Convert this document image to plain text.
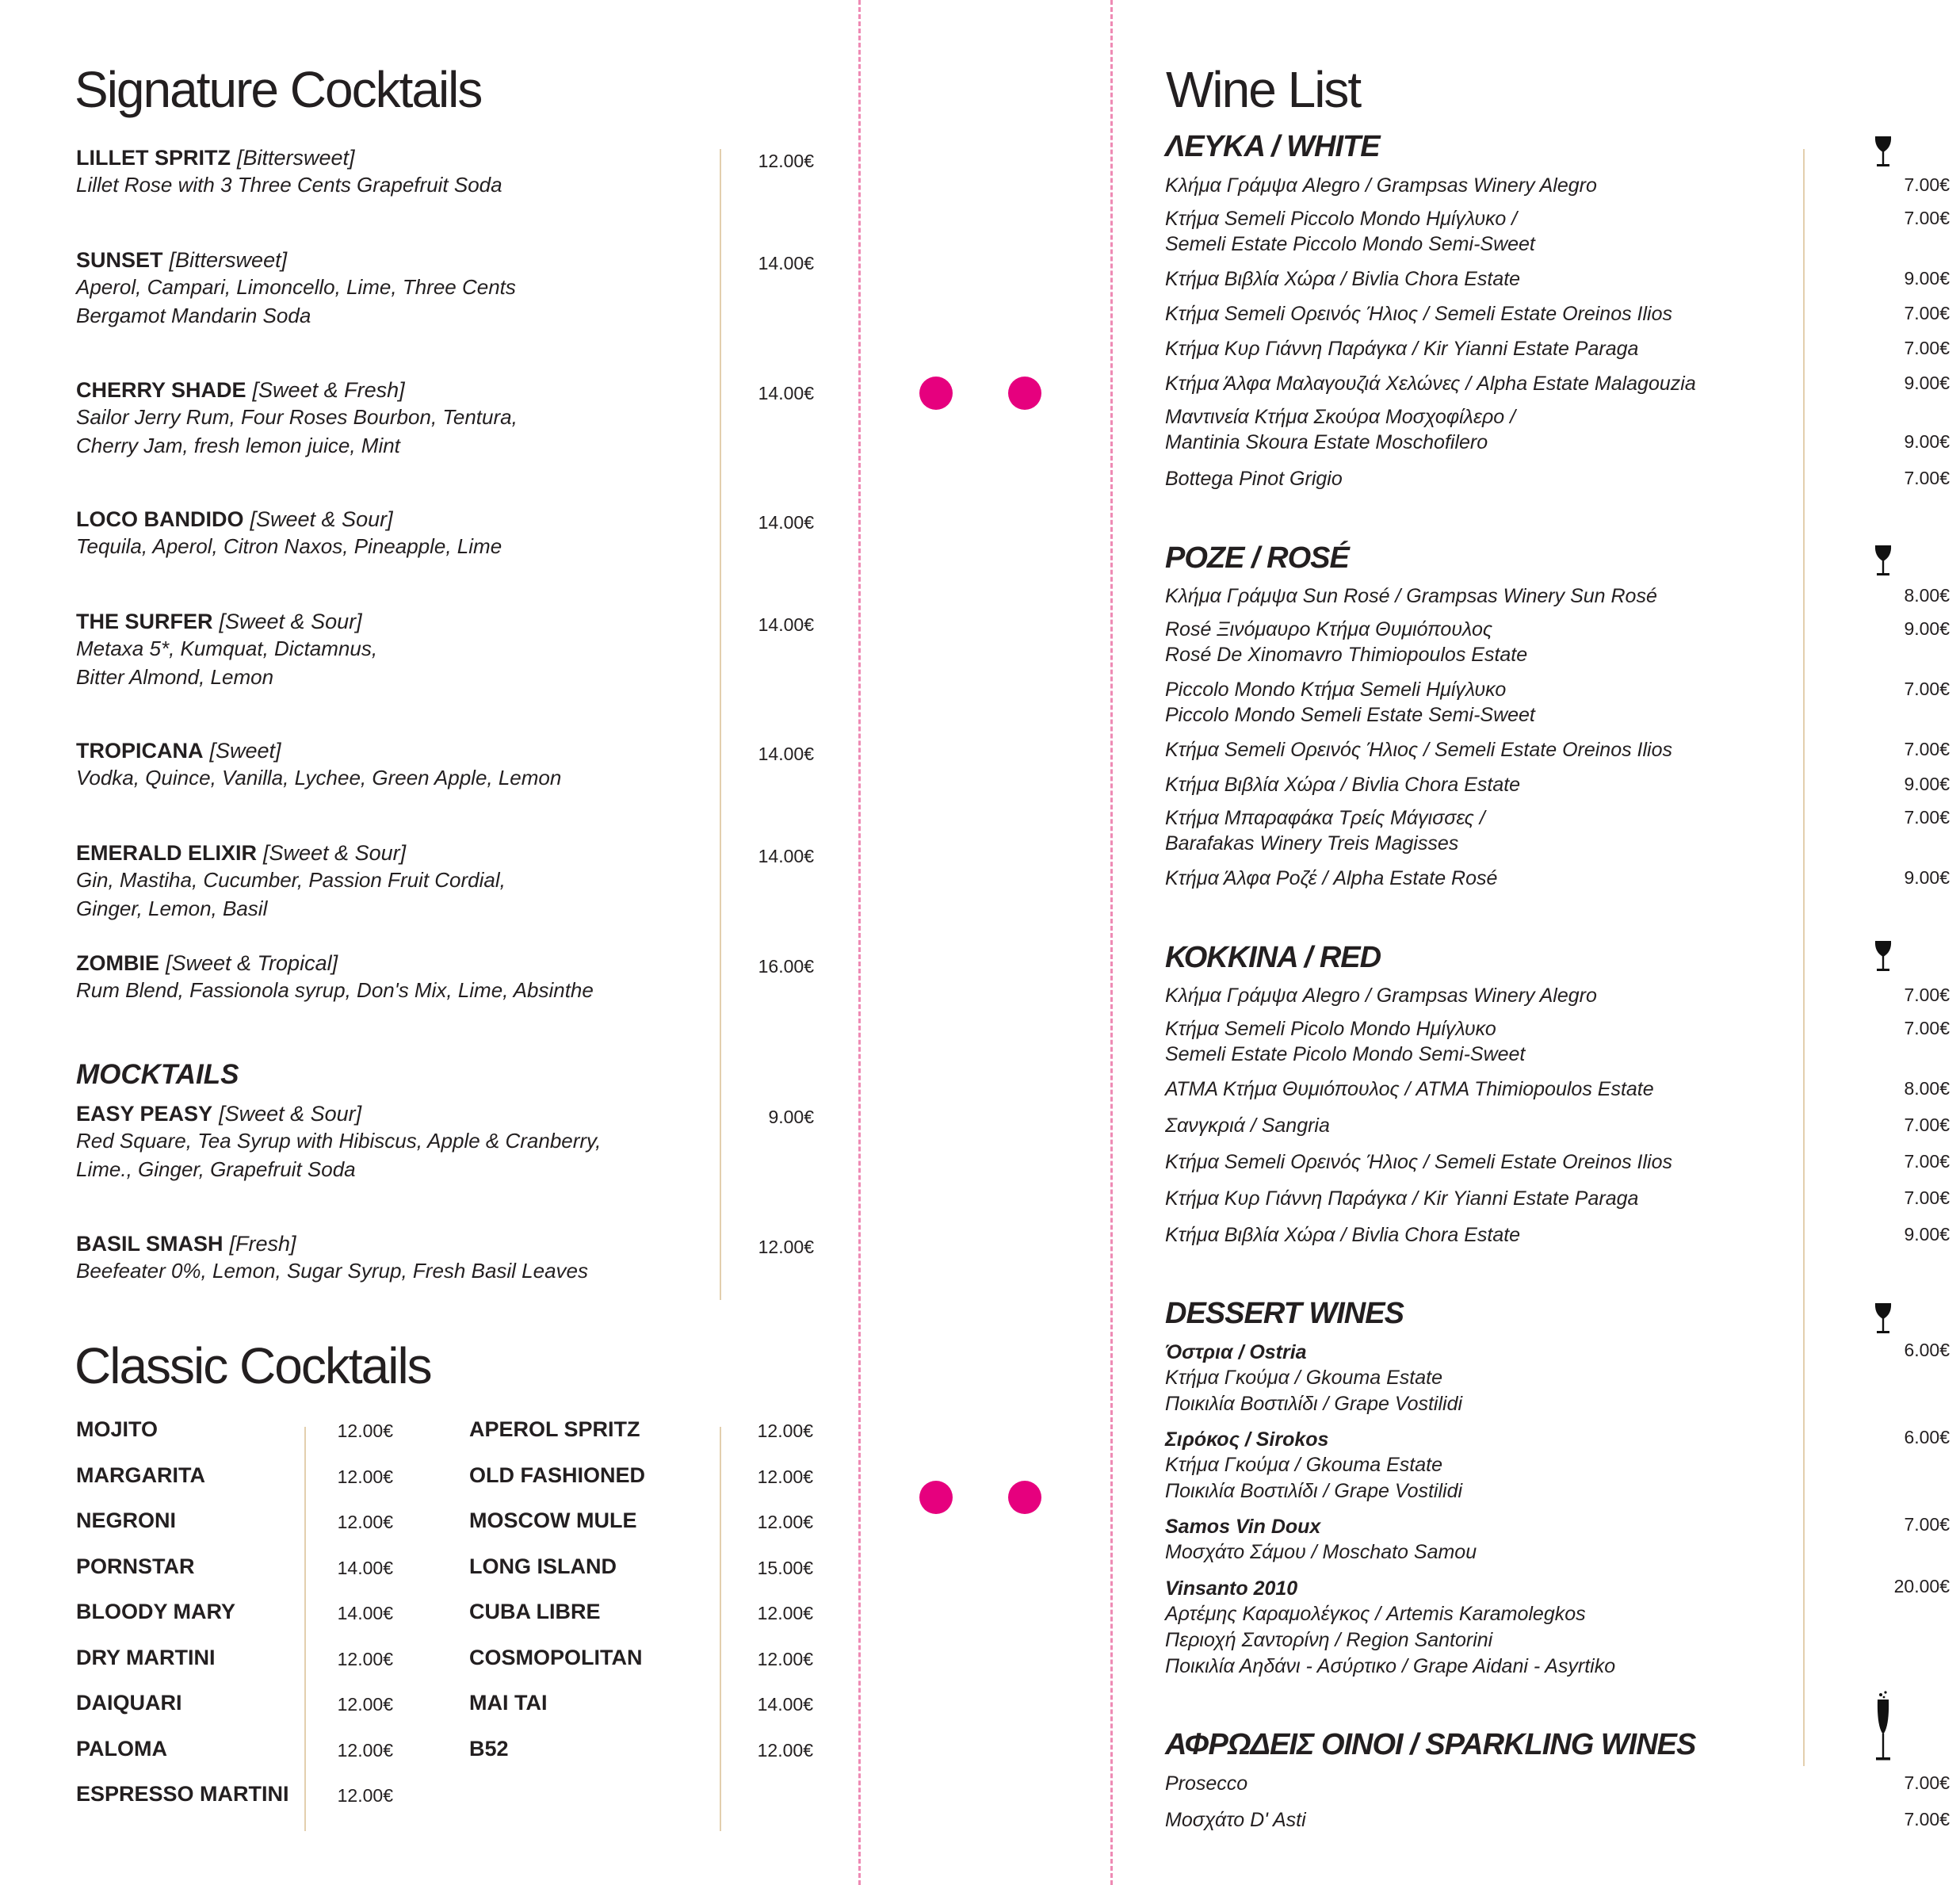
Signature Cocktails
LILLET SPRITZ [Bittersweet]

Lillet Rose with 3 Three Cents Grapefruit Soda

12.00€
SUNSET [Bittersweet]

Aperol, Campari, Limoncello, Lime, Three Cents

Bergamot Mandarin Soda

14.00€
CHERRY SHADE [Sweet & Fresh]

Sailor Jerry Rum, Four Roses Bourbon, Tentura,

Cherry Jam, fresh lemon juice, Mint

14.00€
LOCO BANDIDO [Sweet & Sour]

Tequila, Aperol, Citron Naxos, Pineapple, Lime

14.00€
THE SURFER [Sweet & Sour]

Metaxa 5*, Kumquat, Dictamnus,

Bitter Almond, Lemon

14.00€
TROPICANA [Sweet]

Vodka, Quince, Vanilla, Lychee, Green Apple, Lemon

14.00€
EMERALD ELIXIR [Sweet & Sour]

Gin, Mastiha, Cucumber, Passion Fruit Cordial,

Ginger, Lemon, Basil

14.00€
ZOMBIE [Sweet & Tropical]

Rum Blend, Fassionola syrup, Don's Mix, Lime, Absinthe

16.00€
MOCKTAILS
EASY PEASY [Sweet & Sour]

Red Square, Tea Syrup with Hibiscus, Apple & Cranberry,

Lime., Ginger, Grapefruit Soda

9.00€
BASIL SMASH [Fresh]

Beefeater 0%, Lemon, Sugar Syrup, Fresh Basil Leaves

12.00€
Classic Cocktails
MOJITO	12.00€
MARGARITA	12.00€
NEGRONI	12.00€
PORNSTAR	14.00€
BLOODY MARY	14.00€
DRY MARTINI	12.00€
DAIQUARI	12.00€
PALOMA	12.00€
ESPRESSO MARTINI	12.00€
APEROL SPRITZ	12.00€
OLD FASHIONED	12.00€
MOSCOW MULE	12.00€
LONG ISLAND	15.00€
CUBA LIBRE	12.00€
COSMOPOLITAN	12.00€
MAI TAI	14.00€
B52	12.00€
Wine List
ΛΕΥΚΑ / WHITE
Κλήμα Γράμψα Alegro / Grampsas Winery Alegro	7.00€
Κτήμα Semeli Piccolo Mondo Ημίγλυκο /
Semeli Estate Piccolo Mondo Semi-Sweet
7.00€
Κτήμα Βιβλία Χώρα / Bivlia Chora Estate	9.00€
Κτήμα Semeli Ορεινός Ήλιος / Semeli Estate Oreinos Ilios	7.00€
Κτήμα Κυρ Γιάννη Παράγκα / Kir Yianni Estate Paraga	7.00€
Κτήμα Άλφα Μαλαγουζιά Χελώνες / Alpha Estate Malagouzia	9.00€
Μαντινεία Κτήμα Σκούρα Μοσχοφίλερο /
Mantinia Skoura Estate Moschofilero	9.00€
Bottega Pinot Grigio	7.00€
ΡΟΖΕ / ROSÉ
Κλήμα Γράμψα Sun Rosé / Grampsas Winery Sun Rosé	8.00€
Rosé Ξινόμαυρο Κτήμα Θυμιόπουλος
Rosé De Xinomavro Thimiopoulos Estate
9.00€
Piccolo Mondo Κτήμα Semeli Ημίγλυκο
Piccolo Mondo Semeli Estate Semi-Sweet
7.00€
Κτήμα Semeli Ορεινός Ήλιος / Semeli Estate Oreinos Ilios	7.00€
Κτήμα Βιβλία Χώρα / Bivlia Chora Estate	9.00€
Κτήμα Μπαραφάκα Τρείς Μάγισσες /
Barafakas Winery Treis Magisses
7.00€
Κτήμα Άλφα Ροζέ / Alpha Estate Rosé	9.00€
ΚΟΚΚΙΝΑ / RED
Κλήμα Γράμψα Alegro / Grampsas Winery Alegro	7.00€
Κτήμα Semeli Picolo Mondo Ημίγλυκο
Semeli Estate Picolo Mondo Semi-Sweet
7.00€
ΑΤΜΑ Κτήμα Θυμιόπουλος / ATMA Thimiopoulos Estate	8.00€
Σανγκριά / Sangria	7.00€
Κτήμα Semeli Ορεινός Ήλιος / Semeli Estate Oreinos Ilios	7.00€
Κτήμα Κυρ Γιάννη Παράγκα / Kir Yianni Estate Paraga	7.00€
Κτήμα Βιβλία Χώρα / Bivlia Chora Estate	9.00€
DESSERT WINES
Όστρια / Ostria
Κτήμα Γκούμα / Gkouma Estate
Ποικιλία Βοστιλίδι / Grape Vostilidi
6.00€
Σιρόκος / Sirokos
Κτήμα Γκούμα / Gkouma Estate
Ποικιλία Βοστιλίδι / Grape Vostilidi
6.00€
Samos Vin Doux
Μοσχάτο Σάμου / Moschato Samou
7.00€
Vinsanto 2010
Αρτέμης Καραμολέγκος / Artemis Karamolegkos
Περιοχή Σαντορίνη / Region Santorini
Ποικιλία Αηδάνι - Ασύρτικο / Grape Aidani - Asyrtiko
20.00€
ΑΦΡΩΔΕΙΣ ΟΙΝΟΙ / SPARKLING WINES
Prosecco	7.00€
Μοσχάτο D' Asti	7.00€
